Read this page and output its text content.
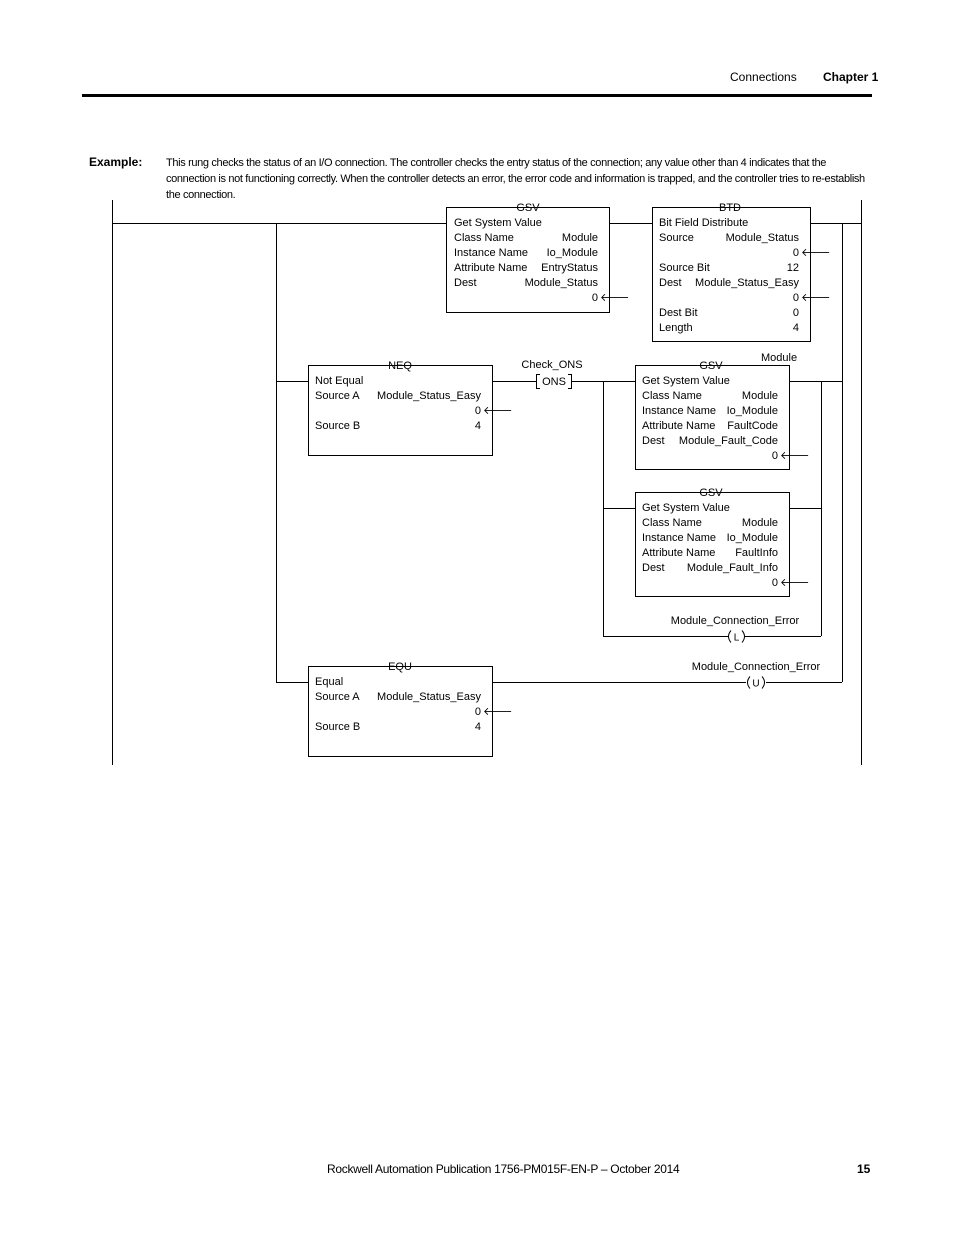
Connections Chapter 1
Example: This rung checks the status of an I/O connection. The controller checks the entry status of the connection; any value other than 4 indicates that the connection is not functioning correctly. When the controller detects an error, the error code and information is trapped, and the controller tries to re-establish the connection.
GSV
Get System Value
Class Name	Module
Instance Name Io_Module
Attribute Name EntryStatus
Dest	Module_Status
0 🡐
BTD
Bit Field Distribute
Source	Module_Status
0 🡐
Source Bit	12
Dest Module_Status_Easy
0 🡐
Dest Bit	0
Length	4
NEQ
Not Equal
Source A Module_Status_Easy
0 🡐
Source B	4
Check_ONS
ONS
Module
GSV
Get System Value
Class Name	Module
Instance Name Io_Module
Attribute Name FaultCode
Dest Module_Fault_Code
0 🡐
GSV
Get System Value
Class Name	Module
Instance Name Io_Module
Attribute Name FaultInfo
Dest Module_Fault_Info
0 🡐
Module_Connection_Error
L
EQU
Equal
Source A Module_Status_Easy
0 🡐
Source B	4
Module_Connection_Error
U
Rockwell Automation Publication 1756-PM015F-EN-P – October 2014	15
